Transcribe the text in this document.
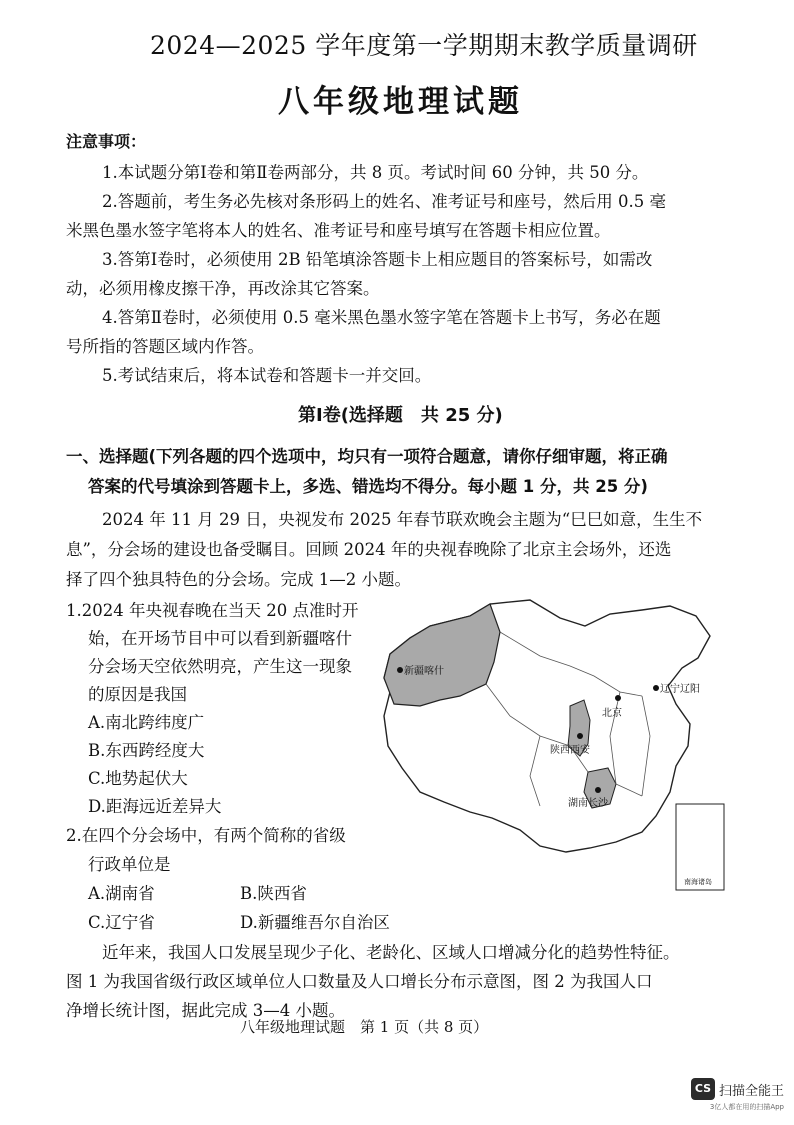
2024—2025 学年度第一学期期末教学质量调研
八年级地理试题
注意事项：
1.本试题分第Ⅰ卷和第Ⅱ卷两部分，共 8 页。考试时间 60 分钟，共 50 分。
2.答题前，考生务必先核对条形码上的姓名、准考证号和座号，然后用 0.5 毫
米黑色墨水签字笔将本人的姓名、准考证号和座号填写在答题卡相应位置。
3.答第Ⅰ卷时，必须使用 2B 铅笔填涂答题卡上相应题目的答案标号，如需改
动，必须用橡皮擦干净，再改涂其它答案。
4.答第Ⅱ卷时，必须使用 0.5 毫米黑色墨水签字笔在答题卡上书写，务必在题
号所指的答题区域内作答。
5.考试结束后，将本试卷和答题卡一并交回。
第Ⅰ卷(选择题　共 25 分)
一、选择题(下列各题的四个选项中，均只有一项符合题意，请你仔细审题，将正确
答案的代号填涂到答题卡上，多选、错选均不得分。每小题 1 分，共 25 分)
2024 年 11 月 29 日，央视发布 2025 年春节联欢晚会主题为“巳巳如意，生生不
息”，分会场的建设也备受瞩目。回顾 2024 年的央视春晚除了北京主会场外，还选
择了四个独具特色的分会场。完成 1—2 小题。
1.2024 年央视春晚在当天 20 点准时开
始，在开场节目中可以看到新疆喀什
分会场天空依然明亮，产生这一现象
的原因是我国
A.南北跨纬度广
B.东西跨经度大
C.地势起伏大
D.距海远近差异大
2.在四个分会场中，有两个简称的省级
行政单位是
A.湖南省	B.陕西省
C.辽宁省	D.新疆维吾尔自治区
近年来，我国人口发展呈现少子化、老龄化、区域人口增减分化的趋势性特征。
图 1 为我国省级行政区域单位人口数量及人口增长分布示意图，图 2 为我国人口
净增长统计图，据此完成 3—4 小题。
新疆喀什
辽宁辽阳
北京
陕西西安
湖南长沙
南海诸岛
八年级地理试题　第 1 页（共 8 页）
CS 扫描全能王
3亿人都在用的扫描App
